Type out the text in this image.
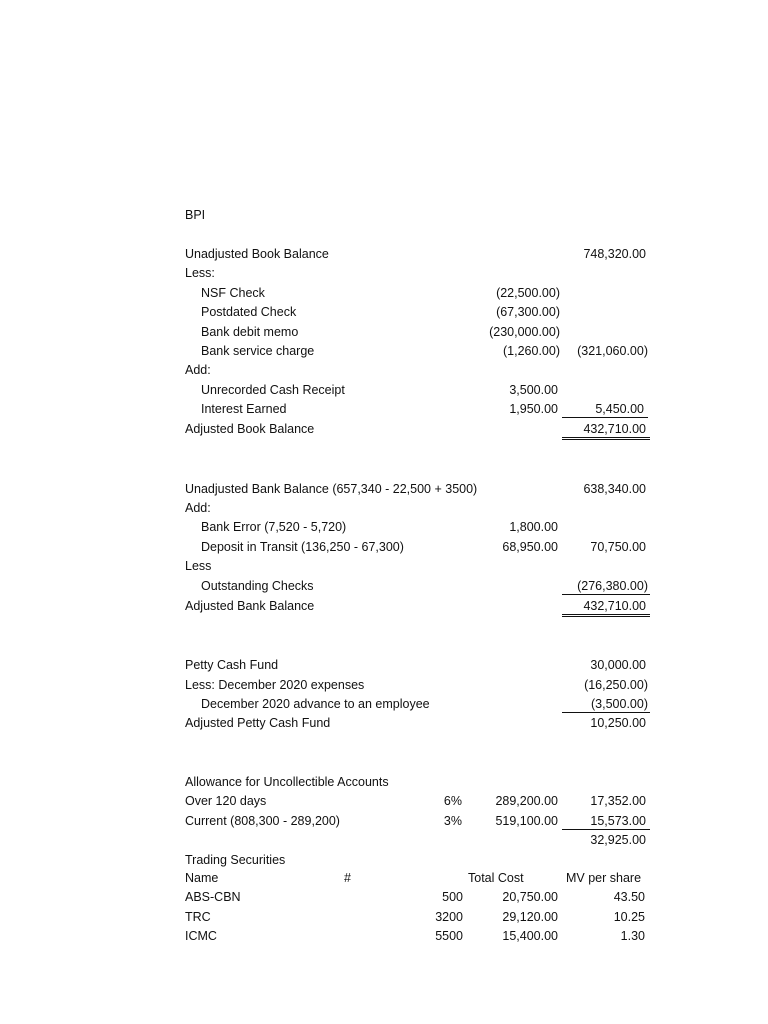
BPI
Unadjusted Book Balance	748,320.00
Less:
NSF Check	(22,500.00)
Postdated Check	(67,300.00)
Bank debit memo	(230,000.00)
Bank service charge	(1,260.00)	(321,060.00)
Add:
Unrecorded Cash Receipt	3,500.00
Interest Earned	1,950.00	5,450.00
Adjusted Book Balance	432,710.00
Unadjusted Bank Balance (657,340 - 22,500 + 3500)	638,340.00
Add:
Bank Error (7,520 - 5,720)	1,800.00
Deposit in Transit (136,250 - 67,300)	68,950.00	70,750.00
Less
Outstanding Checks	(276,380.00)
Adjusted Bank Balance	432,710.00
Petty Cash Fund	30,000.00
Less: December 2020 expenses	(16,250.00)
December 2020 advance to an employee	(3,500.00)
Adjusted Petty Cash Fund	10,250.00
Allowance for Uncollectible Accounts
Over 120 days	6%	289,200.00	17,352.00
Current (808,300 - 289,200)	3%	519,100.00	15,573.00
32,925.00
Trading Securities
Name	#	Total Cost	MV per share
ABS-CBN	500	20,750.00	43.50
TRC	3200	29,120.00	10.25
ICMC	5500	15,400.00	1.30
